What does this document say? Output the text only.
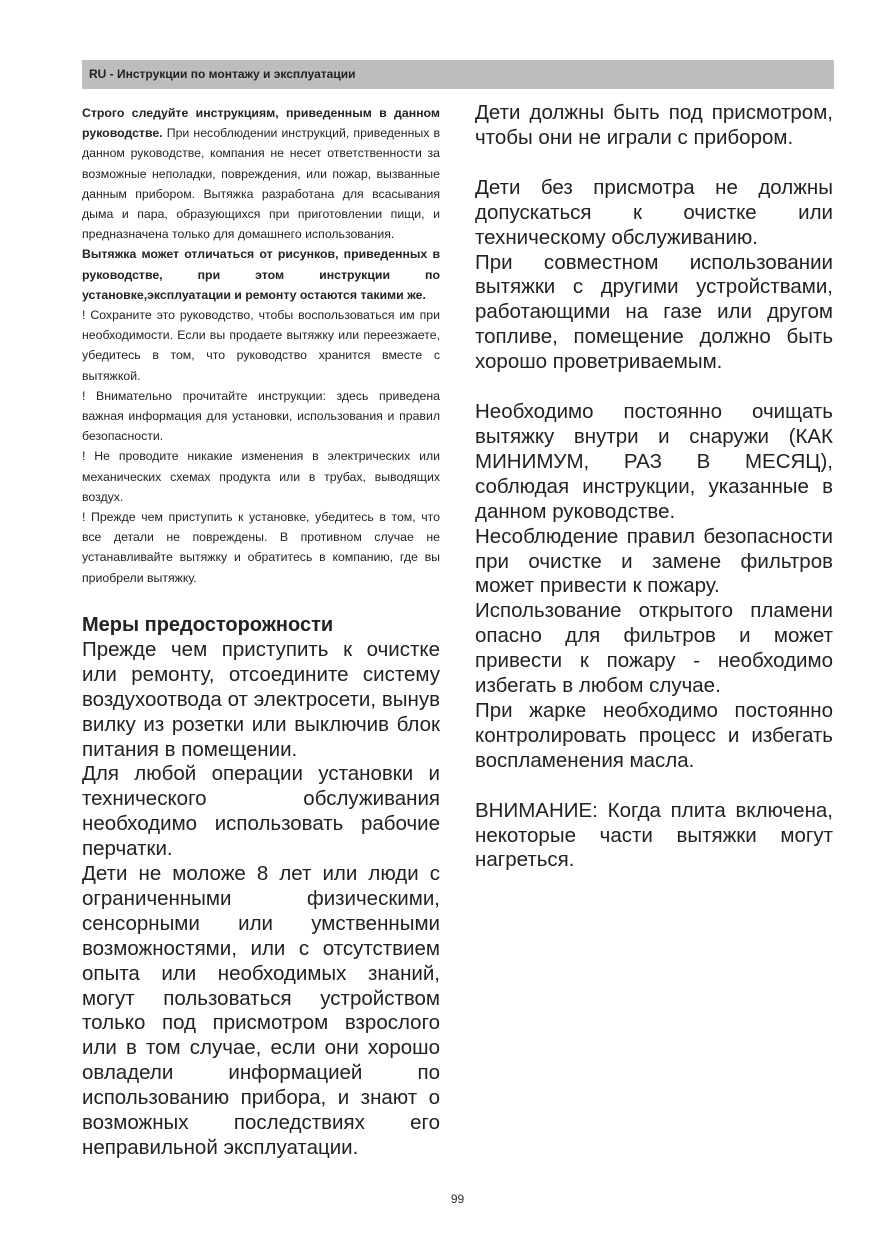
RU - Инструкции по монтажу и эксплуатации

Строго следуйте инструкциям, приведенным в данном руководстве. При несоблюдении инструкций, приведенных в данном руководстве, компания не несет ответственности за возможные неполадки, повреждения, или пожар, вызванные данным прибором. Вытяжка разработана для всасывания дыма и пара, образующихся при приготовлении пищи, и предназначена только для домашнего использования.

Вытяжка может отличаться от рисунков, приведенных в руководстве, при этом инструкции по установке,эксплуатации и ремонту остаются такими же.

! Сохраните это руководство, чтобы воспользоваться им при необходимости. Если вы продаете вытяжку или переезжаете, убедитесь в том, что руководство хранится вместе с вытяжкой.

! Внимательно прочитайте инструкции: здесь приведена важная информация для установки, использования и правил безопасности.

! Не проводите никакие изменения в электрических или механических схемах продукта или в трубах, выводящих воздух.

! Прежде чем приступить к установке, убедитесь в том, что все детали не повреждены. В противном случае не устанавливайте вытяжку и обратитесь в компанию, где вы приобрели вытяжку.

Меры предосторожности

Прежде чем приступить к очистке или ремонту, отсоедините систему воздухоотвода от электросети, вынув вилку из розетки или выключив блок питания в помещении.

Для любой операции установки и технического обслуживания необходимо использовать рабочие перчатки.

Дети не моложе 8 лет или люди с ограниченными физическими, сенсорными или умственными возможностями, или с отсутствием опыта или необходимых знаний, могут пользоваться устройством только под присмотром взрослого или в том случае, если они хорошо овладели информацией по использованию прибора, и знают о возможных последствиях его неправильной эксплуатации.

Дети должны быть под присмотром, чтобы они не играли с прибором.

Дети без присмотра не должны допускаться к очистке или техническому обслуживанию.

При совместном использовании вытяжки с другими устройствами, работающими на газе или другом топливе, помещение должно быть хорошо проветриваемым.

Необходимо постоянно очищать вытяжку внутри и снаружи (КАК МИНИМУМ, РАЗ В МЕСЯЦ), соблюдая инструкции, указанные в данном руководстве.

Несоблюдение правил безопасности при очистке и замене фильтров может привести к пожару.

Использование открытого пламени опасно для фильтров и может привести к пожару - необходимо избегать в любом случае.

При жарке необходимо постоянно контролировать процесс и избегать воспламенения масла.

ВНИМАНИЕ: Когда плита включена, некоторые части вытяжки могут нагреться.

99
